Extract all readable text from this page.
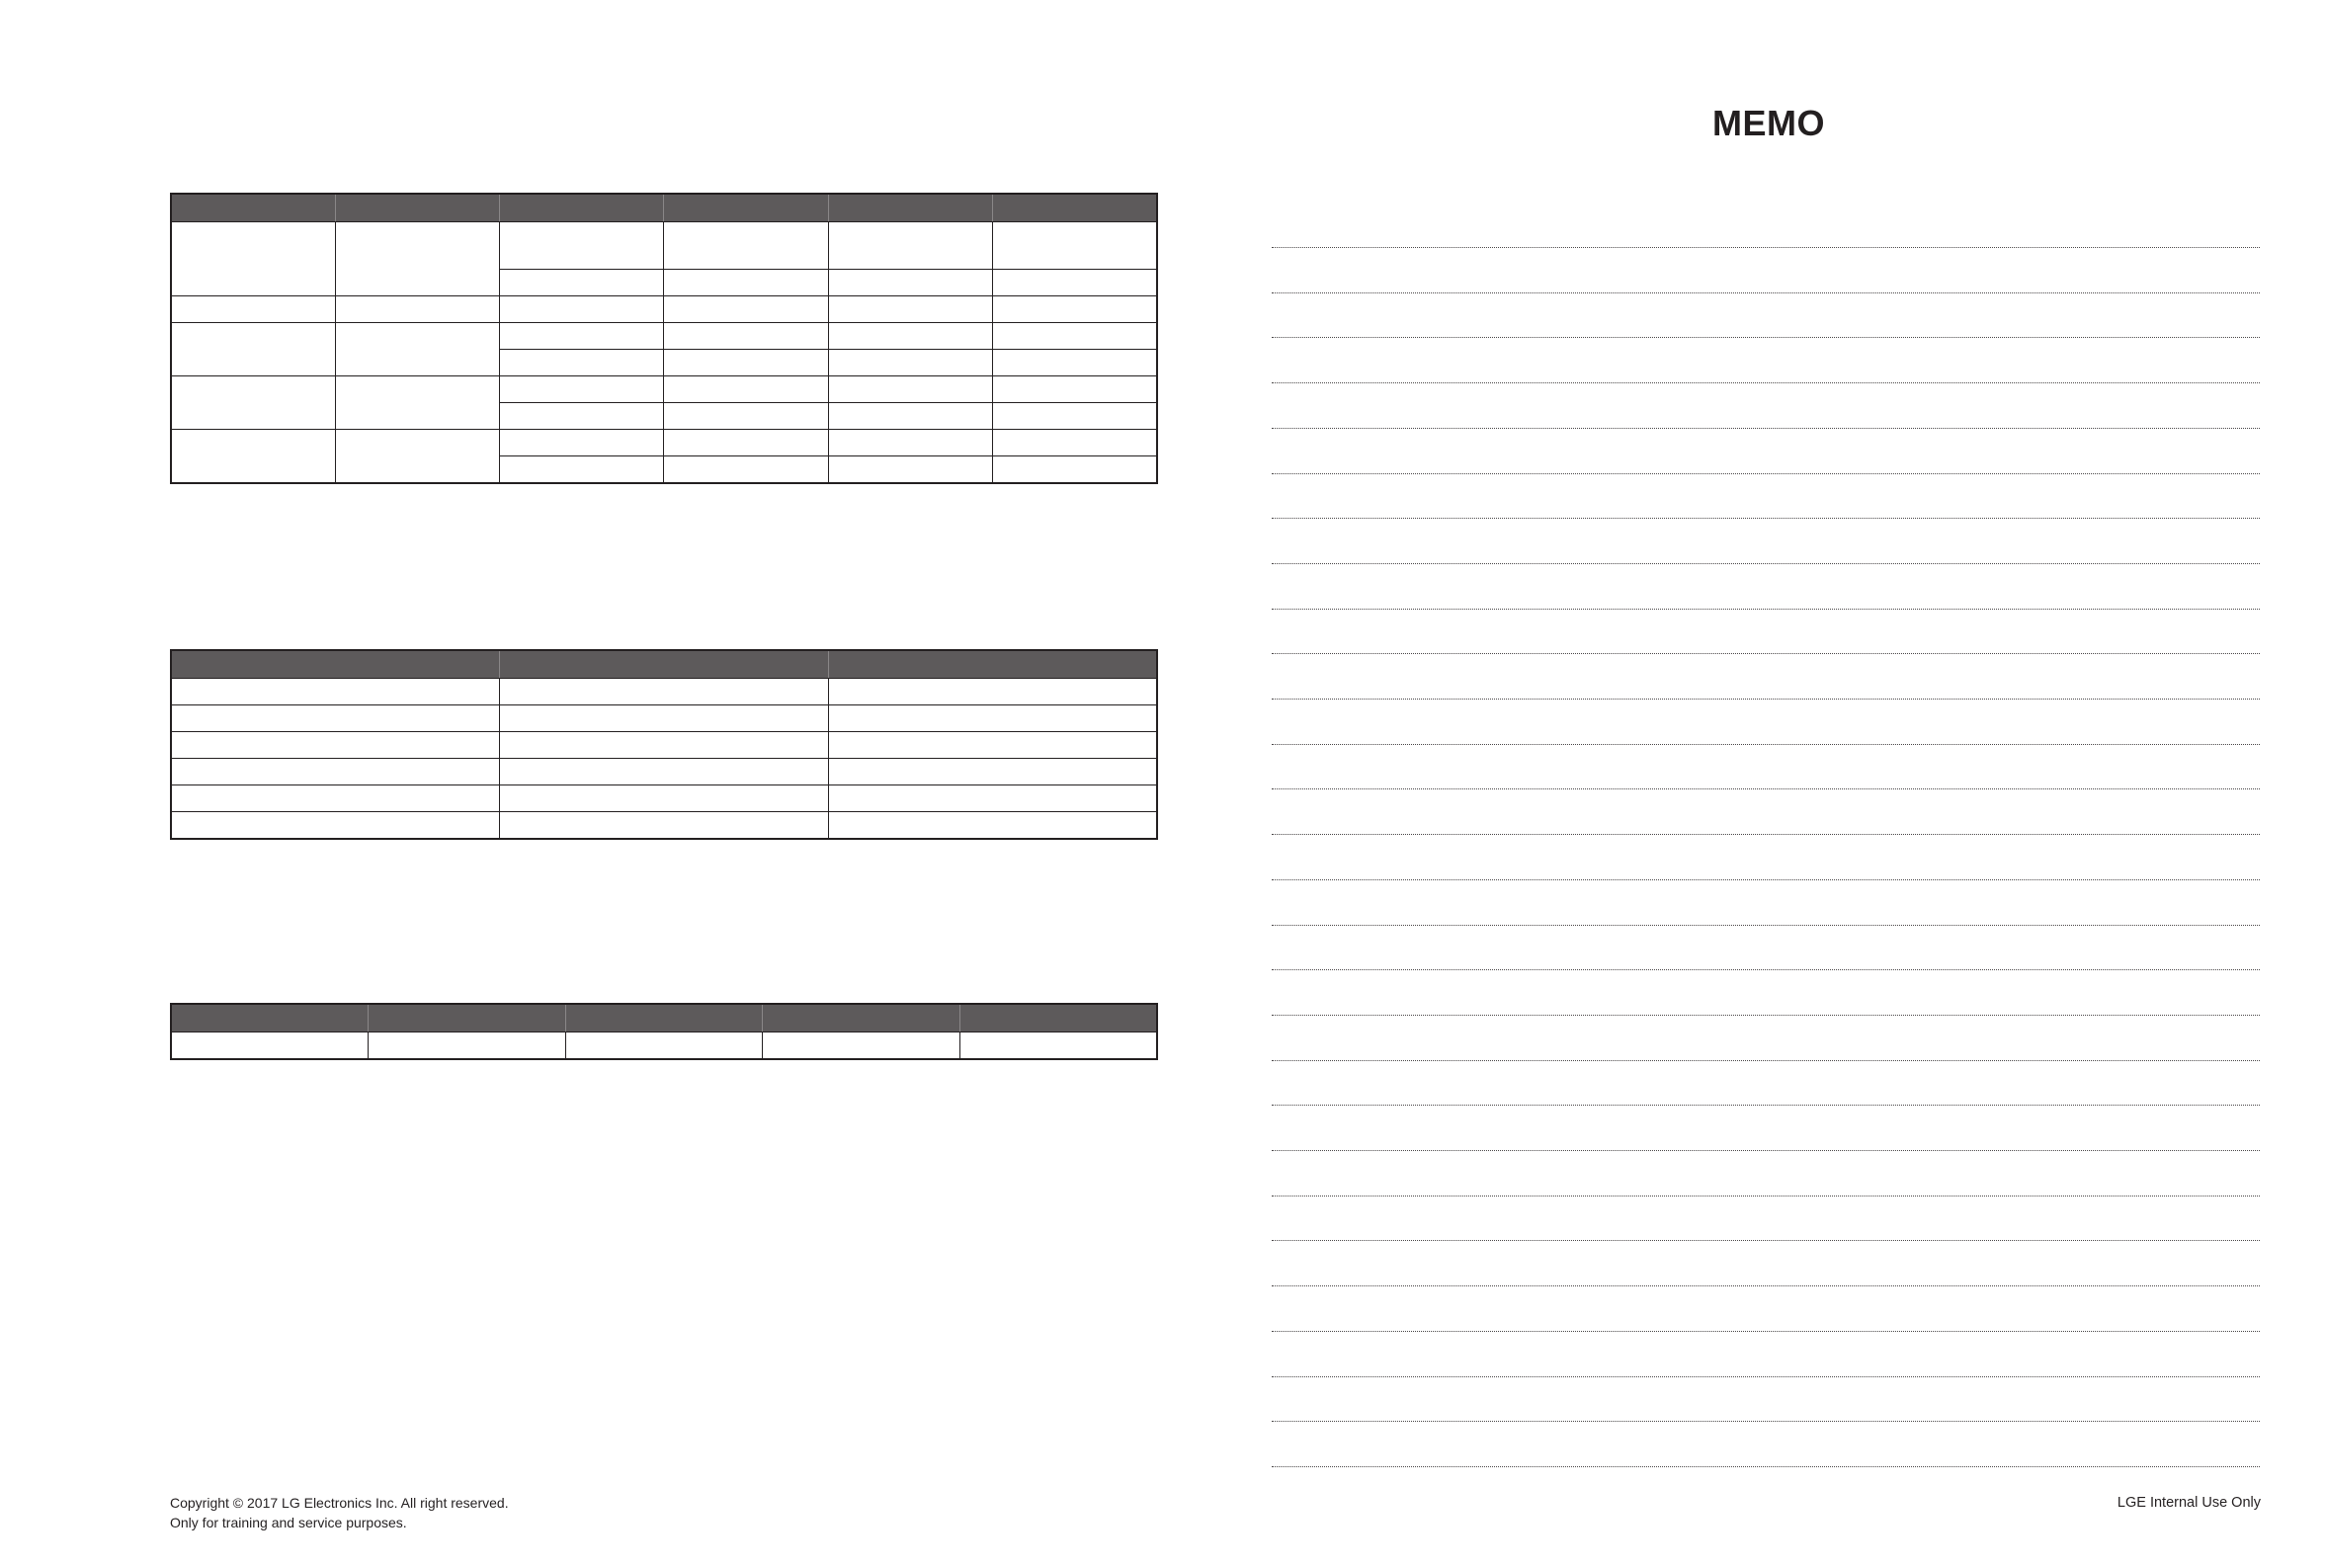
MEMO
Copyright © 2017 LG Electronics Inc. All right reserved.
Only for training and service purposes.
LGE Internal Use Only
